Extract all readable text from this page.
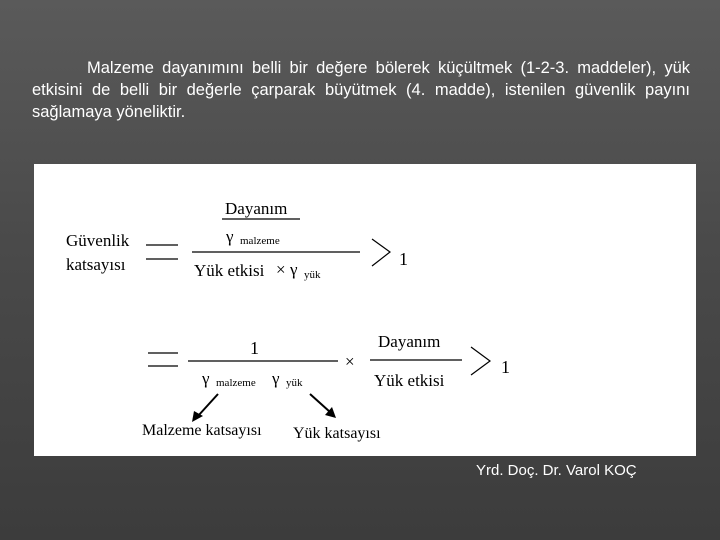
Malzeme dayanımını belli bir değere bölerek küçültmek (1-2-3. maddeler), yük etkisini de belli bir değerle çarparak büyütmek (4. madde), istenilen güvenlik payını sağlamaya yöneliktir.
Güvenlik
katsayısı
Dayanım
γ malzeme
Yük etkisi × γ yük
1
1
γ malzeme γ yük
×
Dayanım
Yük etkisi
1
Malzeme katsayısı Yük katsayısı
Yrd. Doç. Dr. Varol KOÇ
